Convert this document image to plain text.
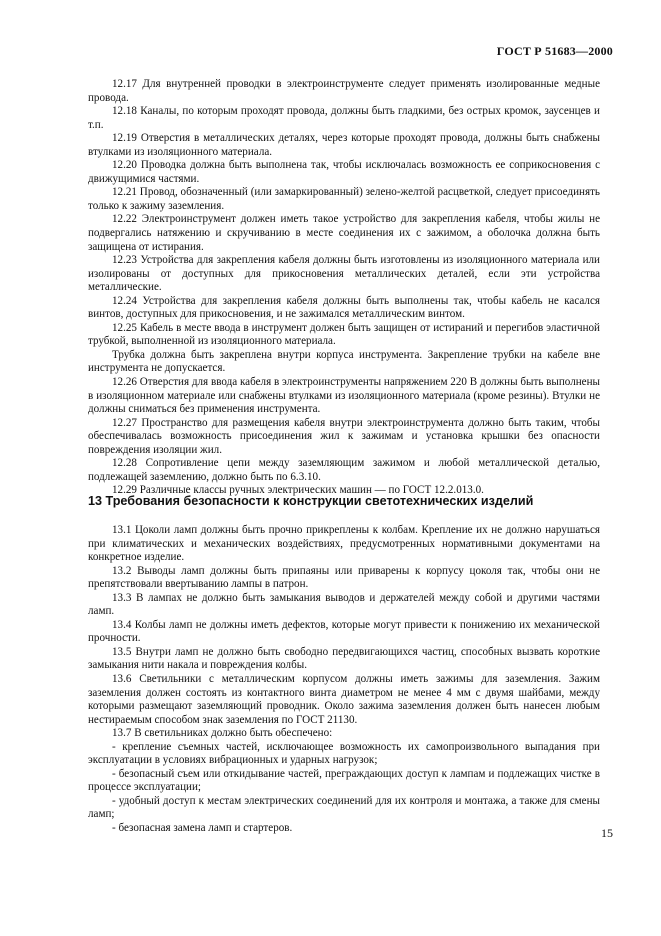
ГОСТ Р 51683—2000

12.17 Для внутренней проводки в электроинструменте следует применять изолированные медные провода.

12.18 Каналы, по которым проходят провода, должны быть гладкими, без острых кромок, заусенцев и т.п.

12.19 Отверстия в металлических деталях, через которые проходят провода, должны быть снабжены втулками из изоляционного материала.

12.20 Проводка должна быть выполнена так, чтобы исключалась возможность ее соприкосновения с движущимися частями.

12.21 Провод, обозначенный (или замаркированный) зелено-желтой расцветкой, следует присоединять только к зажиму заземления.

12.22 Электроинструмент должен иметь такое устройство для закрепления кабеля, чтобы жилы не подвергались натяжению и скручиванию в месте соединения их с зажимом, а оболочка должна быть защищена от истирания.

12.23 Устройства для закрепления кабеля должны быть изготовлены из изоляционного материала или изолированы от доступных для прикосновения металлических деталей, если эти устройства металлические.

12.24 Устройства для закрепления кабеля должны быть выполнены так, чтобы кабель не касался винтов, доступных для прикосновения, и не зажимался металлическим винтом.

12.25 Кабель в месте ввода в инструмент должен быть защищен от истираний и перегибов эластичной трубкой, выполненной из изоляционного материала.

Трубка должна быть закреплена внутри корпуса инструмента. Закрепление трубки на кабеле вне инструмента не допускается.

12.26 Отверстия для ввода кабеля в электроинструменты напряжением 220 В должны быть выполнены в изоляционном материале или снабжены втулками из изоляционного материала (кроме резины). Втулки не должны сниматься без применения инструмента.

12.27 Пространство для размещения кабеля внутри электроинструмента должно быть таким, чтобы обеспечивалась возможность присоединения жил к зажимам и установка крышки без опасности повреждения изоляции жил.

12.28 Сопротивление цепи между заземляющим зажимом и любой металлической деталью, подлежащей заземлению, должно быть по 6.3.10.

12.29 Различные классы ручных электрических машин — по ГОСТ 12.2.013.0.

13 Требования безопасности к конструкции светотехнических изделий

13.1 Цоколи ламп должны быть прочно прикреплены к колбам. Крепление их не должно нарушаться при климатических и механических воздействиях, предусмотренных нормативными документами на конкретное изделие.

13.2 Выводы ламп должны быть припаяны или приварены к корпусу цоколя так, чтобы они не препятствовали ввертыванию лампы в патрон.

13.3 В лампах не должно быть замыкания выводов и держателей между собой и другими частями ламп.

13.4 Колбы ламп не должны иметь дефектов, которые могут привести к понижению их механической прочности.

13.5 Внутри ламп не должно быть свободно передвигающихся частиц, способных вызвать короткие замыкания нити накала и повреждения колбы.

13.6 Светильники с металлическим корпусом должны иметь зажимы для заземления. Зажим заземления должен состоять из контактного винта диаметром не менее 4 мм с двумя шайбами, между которыми размещают заземляющий проводник. Около зажима заземления должен быть нанесен любым нестираемым способом знак заземления по ГОСТ 21130.

13.7 В светильниках должно быть обеспечено:

- крепление съемных частей, исключающее возможность их самопроизвольного выпадания при эксплуатации в условиях вибрационных и ударных нагрузок;

- безопасный съем или откидывание частей, преграждающих доступ к лампам и подлежащих чистке в процессе эксплуатации;

- удобный доступ к местам электрических соединений для их контроля и монтажа, а также для смены ламп;

- безопасная замена ламп и стартеров.	15
